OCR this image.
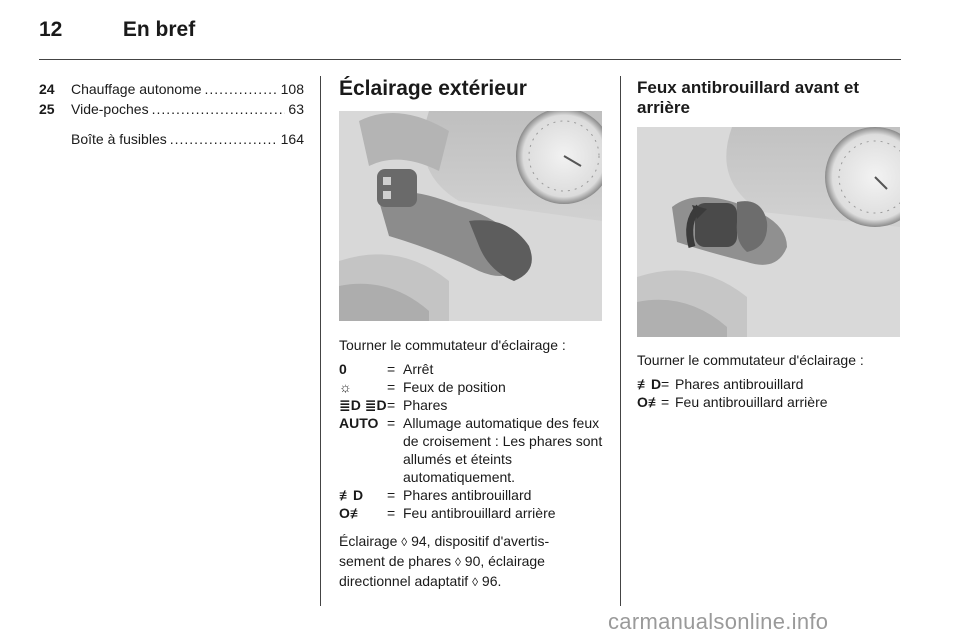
12	En bref
24	Chauffage autonome .....	108
25	Vide-poches .....	63
Boîte à fusibles .....	164
Éclairage extérieur
Tourner le commutateur d'éclairage :
0	= Arrêt
☼	= Feux de position
≣D ≣D = Phares
AUTO = Allumage automatique des feux de croisement : Les phares sont allumés et éteints automatiquement.
≢D	= Phares antibrouillard
O≢	= Feu antibrouillard arrière
Éclairage ◊ 94, dispositif d'avertis-
sement de phares ◊ 90, éclairage
directionnel adaptatif ◊ 96.
Feux antibrouillard avant et arrière
Tourner le commutateur d'éclairage :
≢D = Phares antibrouillard
O≢ = Feu antibrouillard arrière
carmanualsonline.info
